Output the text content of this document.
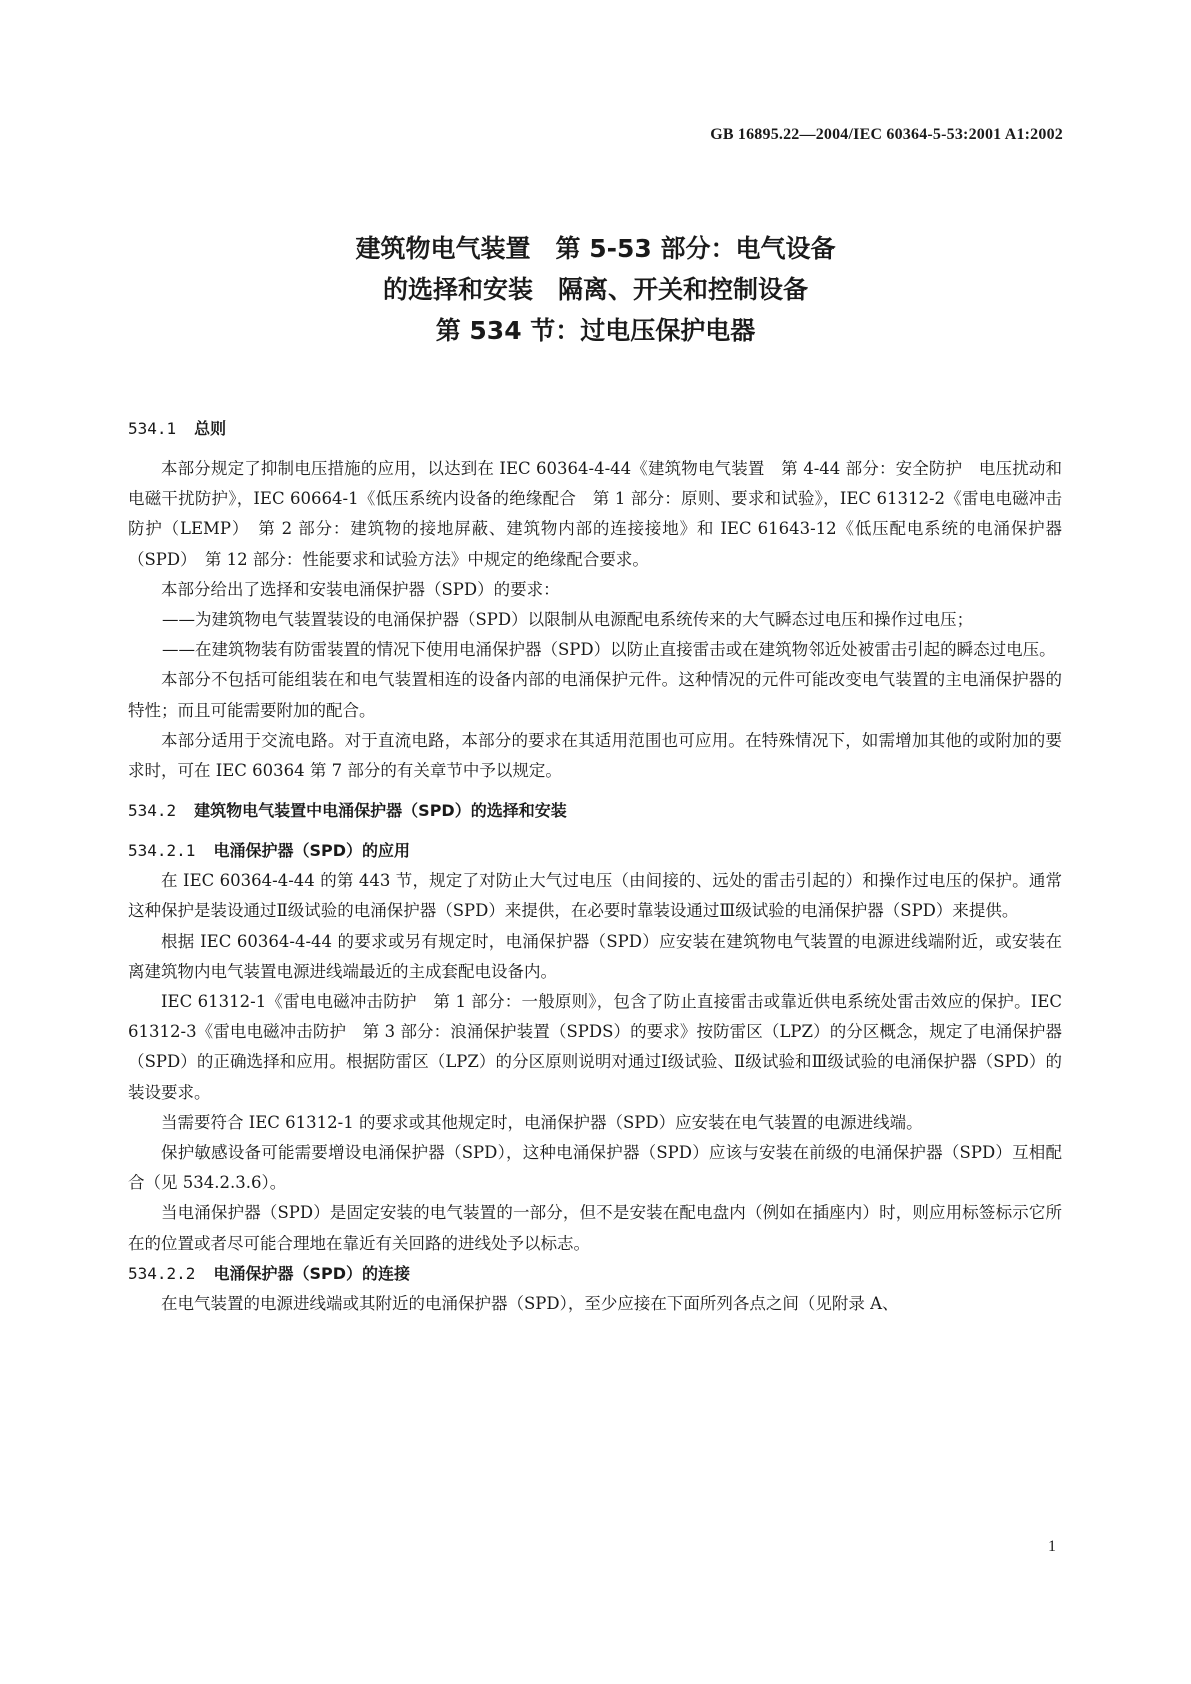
GB 16895.22—2004/IEC 60364-5-53:2001 A1:2002
建筑物电气装置　第 5-53 部分：电气设备
的选择和安装　隔离、开关和控制设备
第 534 节：过电压保护电器
534.1 总则

本部分规定了抑制电压措施的应用，以达到在 IEC 60364-4-44《建筑物电气装置　第 4-44 部分：安全防护　电压扰动和电磁干扰防护》，IEC 60664-1《低压系统内设备的绝缘配合　第 1 部分：原则、要求和试验》，IEC 61312-2《雷电电磁冲击防护（LEMP）　第 2 部分：建筑物的接地屏蔽、建筑物内部的连接接地》和 IEC 61643-12《低压配电系统的电涌保护器（SPD）　第 12 部分：性能要求和试验方法》中规定的绝缘配合要求。

本部分给出了选择和安装电涌保护器（SPD）的要求：

——为建筑物电气装置装设的电涌保护器（SPD）以限制从电源配电系统传来的大气瞬态过电压和操作过电压；

——在建筑物装有防雷装置的情况下使用电涌保护器（SPD）以防止直接雷击或在建筑物邻近处被雷击引起的瞬态过电压。

本部分不包括可能组装在和电气装置相连的设备内部的电涌保护元件。这种情况的元件可能改变电气装置的主电涌保护器的特性；而且可能需要附加的配合。

本部分适用于交流电路。对于直流电路，本部分的要求在其适用范围也可应用。在特殊情况下，如需增加其他的或附加的要求时，可在 IEC 60364 第 7 部分的有关章节中予以规定。

534.2 建筑物电气装置中电涌保护器（SPD）的选择和安装
534.2.1 电涌保护器（SPD）的应用

在 IEC 60364-4-44 的第 443 节，规定了对防止大气过电压（由间接的、远处的雷击引起的）和操作过电压的保护。通常这种保护是装设通过Ⅱ级试验的电涌保护器（SPD）来提供，在必要时靠装设通过Ⅲ级试验的电涌保护器（SPD）来提供。

根据 IEC 60364-4-44 的要求或另有规定时，电涌保护器（SPD）应安装在建筑物电气装置的电源进线端附近，或安装在离建筑物内电气装置电源进线端最近的主成套配电设备内。

IEC 61312-1《雷电电磁冲击防护　第 1 部分：一般原则》，包含了防止直接雷击或靠近供电系统处雷击效应的保护。IEC 61312-3《雷电电磁冲击防护　第 3 部分：浪涌保护装置（SPDS）的要求》按防雷区（LPZ）的分区概念，规定了电涌保护器（SPD）的正确选择和应用。根据防雷区（LPZ）的分区原则说明对通过Ⅰ级试验、Ⅱ级试验和Ⅲ级试验的电涌保护器（SPD）的装设要求。

当需要符合 IEC 61312-1 的要求或其他规定时，电涌保护器（SPD）应安装在电气装置的电源进线端。

保护敏感设备可能需要增设电涌保护器（SPD），这种电涌保护器（SPD）应该与安装在前级的电涌保护器（SPD）互相配合（见 534.2.3.6）。

当电涌保护器（SPD）是固定安装的电气装置的一部分，但不是安装在配电盘内（例如在插座内）时，则应用标签标示它所在的位置或者尽可能合理地在靠近有关回路的进线处予以标志。

534.2.2 电涌保护器（SPD）的连接

在电气装置的电源进线端或其附近的电涌保护器（SPD），至少应接在下面所列各点之间（见附录 A、

1
